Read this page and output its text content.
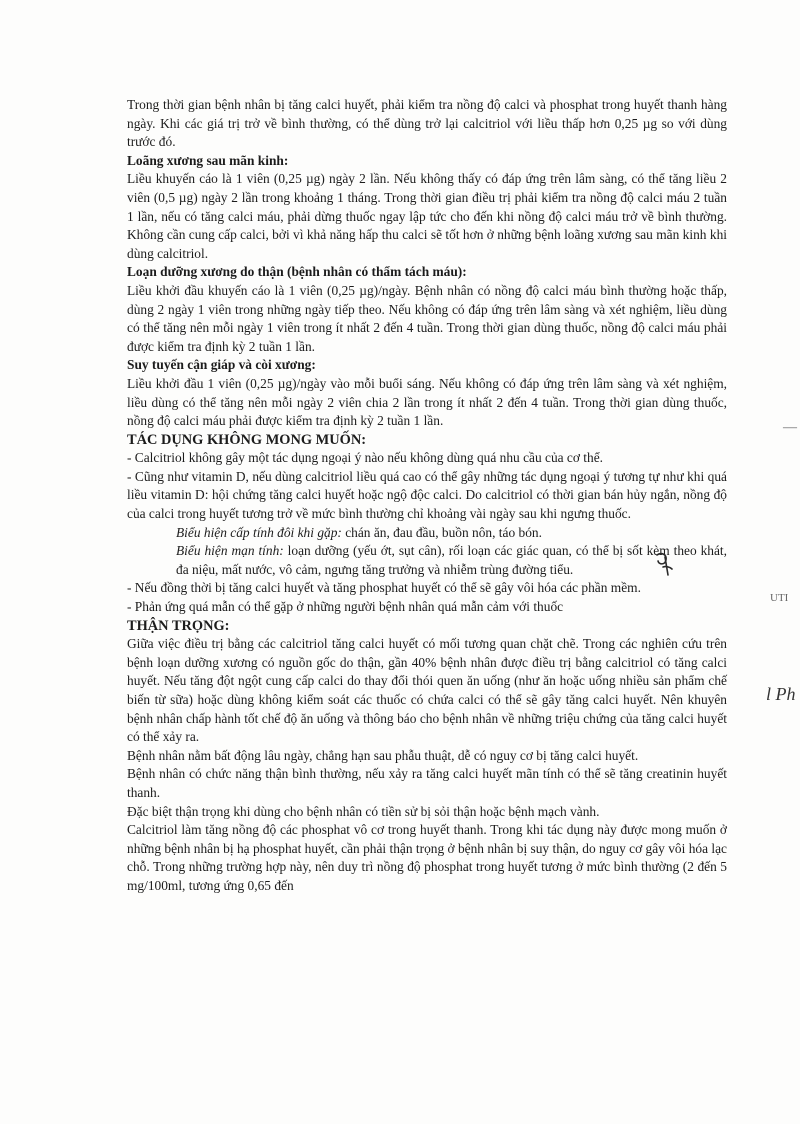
Trong thời gian bệnh nhân bị tăng calci huyết, phải kiểm tra nồng độ calci và phosphat trong huyết thanh hàng ngày. Khi các giá trị trở về bình thường, có thể dùng trở lại calcitriol với liều thấp hơn 0,25 µg so với dùng trước đó.

Loãng xương sau mãn kinh:

Liều khuyến cáo là 1 viên (0,25 µg) ngày 2 lần. Nếu không thấy có đáp ứng trên lâm sàng, có thể tăng liều 2 viên (0,5 µg) ngày 2 lần trong khoảng 1 tháng. Trong thời gian điều trị phải kiểm tra nồng độ calci máu 2 tuần 1 lần, nếu có tăng calci máu, phải dừng thuốc ngay lập tức cho đến khi nồng độ calci máu trở về bình thường. Không cần cung cấp calci, bởi vì khả năng hấp thu calci sẽ tốt hơn ở những bệnh loãng xương sau mãn kinh khi dùng calcitriol.

Loạn dưỡng xương do thận (bệnh nhân có thẩm tách máu):

Liều khởi đầu khuyến cáo là 1 viên (0,25 µg)/ngày. Bệnh nhân có nồng độ calci máu bình thường hoặc thấp, dùng 2 ngày 1 viên trong những ngày tiếp theo. Nếu không có đáp ứng trên lâm sàng và xét nghiệm, liều dùng có thể tăng nên mỗi ngày 1 viên trong ít nhất 2 đến 4 tuần. Trong thời gian dùng thuốc, nồng độ calci máu phải được kiểm tra định kỳ 2 tuần 1 lần.

Suy tuyến cận giáp và còi xương:

Liều khởi đầu 1 viên (0,25 µg)/ngày vào mỗi buổi sáng. Nếu không có đáp ứng trên lâm sàng và xét nghiệm, liều dùng có thể tăng nên mỗi ngày 2 viên chia 2 lần trong ít nhất 2 đến 4 tuần. Trong thời gian dùng thuốc, nồng độ calci máu phải được kiểm tra định kỳ 2 tuần 1 lần.

TÁC DỤNG KHÔNG MONG MUỐN:

- Calcitriol không gây một tác dụng ngoại ý nào nếu không dùng quá nhu cầu của cơ thể.

- Cũng như vitamin D, nếu dùng calcitriol liều quá cao có thể gây những tác dụng ngoại ý tương tự như khi quá liều vitamin D: hội chứng tăng calci huyết hoặc ngộ độc calci. Do calcitriol có thời gian bán hủy ngắn, nồng độ của calci trong huyết tương trở về mức bình thường chỉ khoảng vài ngày sau khi ngưng thuốc.

Biểu hiện cấp tính đôi khi gặp: chán ăn, đau đầu, buồn nôn, táo bón.

Biểu hiện mạn tính: loạn dưỡng (yếu ớt, sụt cân), rối loạn các giác quan, có thể bị sốt kèm theo khát, đa niệu, mất nước, vô cảm, ngưng tăng trưởng và nhiễm trùng đường tiểu.

- Nếu đồng thời bị tăng calci huyết và tăng phosphat huyết có thể sẽ gây vôi hóa các phần mềm.

- Phản ứng quá mẫn có thể gặp ở những người bệnh nhân quá mẫn cảm với thuốc

THẬN TRỌNG:

Giữa việc điều trị bằng các calcitriol tăng calci huyết có mối tương quan chặt chẽ. Trong các nghiên cứu trên bệnh loạn dưỡng xương có nguồn gốc do thận, gần 40% bệnh nhân được điều trị bằng calcitriol có tăng calci huyết. Nếu tăng đột ngột cung cấp calci do thay đổi thói quen ăn uống (như ăn hoặc uống nhiều sản phẩm chế biến từ sữa) hoặc dùng không kiểm soát các thuốc có chứa calci có thể sẽ gây tăng calci huyết. Nên khuyên bệnh nhân chấp hành tốt chế độ ăn uống và thông báo cho bệnh nhân về những triệu chứng của tăng calci huyết có thể xảy ra.

Bệnh nhân nằm bất động lâu ngày, chẳng hạn sau phẫu thuật, dễ có nguy cơ bị tăng calci huyết.

Bệnh nhân có chức năng thận bình thường, nếu xảy ra tăng calci huyết mãn tính có thể sẽ tăng creatinin huyết thanh.

Đặc biệt thận trọng khi dùng cho bệnh nhân có tiền sử bị sỏi thận hoặc bệnh mạch vành.

Calcitriol làm tăng nồng độ các phosphat vô cơ trong huyết thanh. Trong khi tác dụng này được mong muốn ở những bệnh nhân bị hạ phosphat huyết, cần phải thận trọng ở bệnh nhân bị suy thận, do nguy cơ gây vôi hóa lạc chỗ. Trong những trường hợp này, nên duy trì nồng độ phosphat trong huyết tương ở mức bình thường (2 đến 5 mg/100ml, tương ứng 0,65 đến

—
UTI
l Ph
